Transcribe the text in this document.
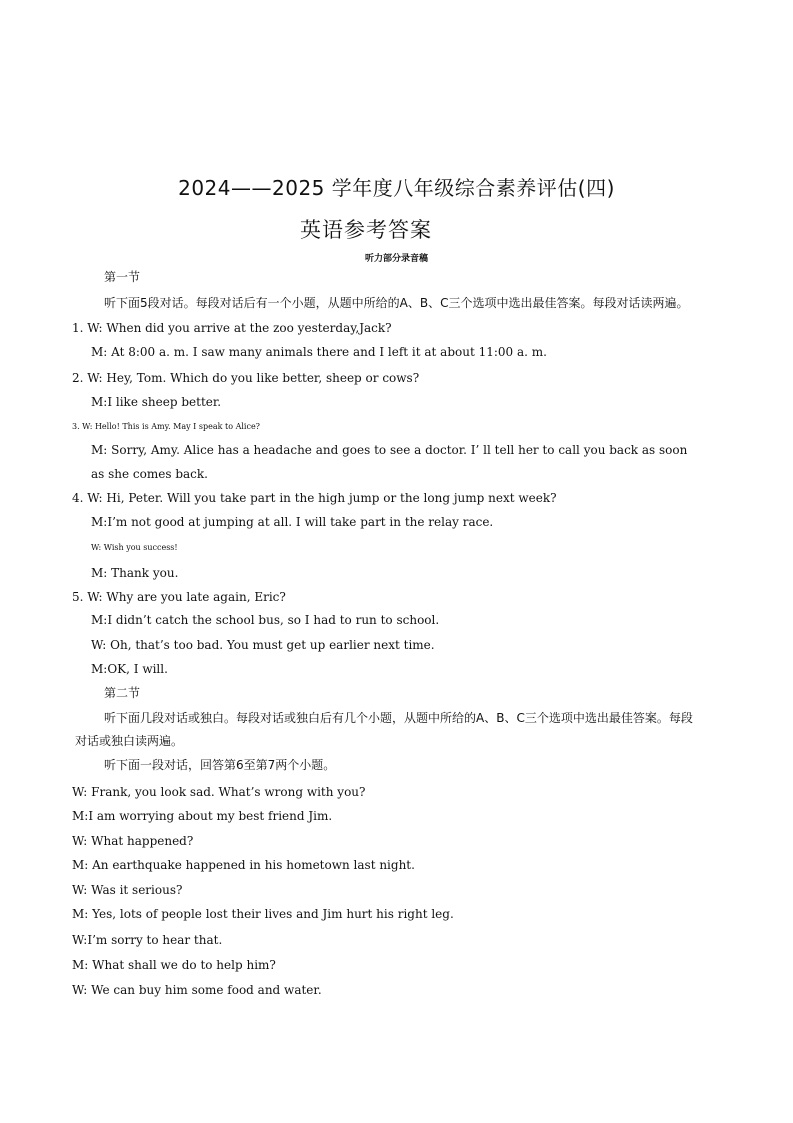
2024——2025 学年度八年级综合素养评估(四)
英语参考答案
听力部分录音稿
第一节
听下面5段对话。每段对话后有一个小题，从题中所给的A、B、C三个选项中选出最佳答案。每段对话读两遍。
1. W: When did you arrive at the zoo yesterday,Jack?
M: At 8:00 a. m. I saw many animals there and I left it at about 11:00 a. m.
2. W: Hey, Tom. Which do you like better, sheep or cows?
M:I like sheep better.
3. W: Hello! This is Amy. May I speak to Alice?
M: Sorry, Amy. Alice has a headache and goes to see a doctor. I’ ll tell her to call you back as soon
as she comes back.
4. W: Hi, Peter. Will you take part in the high jump or the long jump next week?
M:I’m not good at jumping at all. I will take part in the relay race.
W: Wish you success!
M: Thank you.
5. W: Why are you late again, Eric?
M:I didn’t catch the school bus, so I had to run to school.
W: Oh, that’s too bad. You must get up earlier next time.
M:OK, I will.
第二节
听下面几段对话或独白。每段对话或独白后有几个小题，从题中所给的A、B、C三个选项中选出最佳答案。每段
对话或独白读两遍。
听下面一段对话，回答第6至第7两个小题。
W: Frank, you look sad. What’s wrong with you?
M:I am worrying about my best friend Jim.
W: What happened?
M: An earthquake happened in his hometown last night.
W: Was it serious?
M: Yes, lots of people lost their lives and Jim hurt his right leg.
W:I’m sorry to hear that.
M: What shall we do to help him?
W: We can buy him some food and water.
